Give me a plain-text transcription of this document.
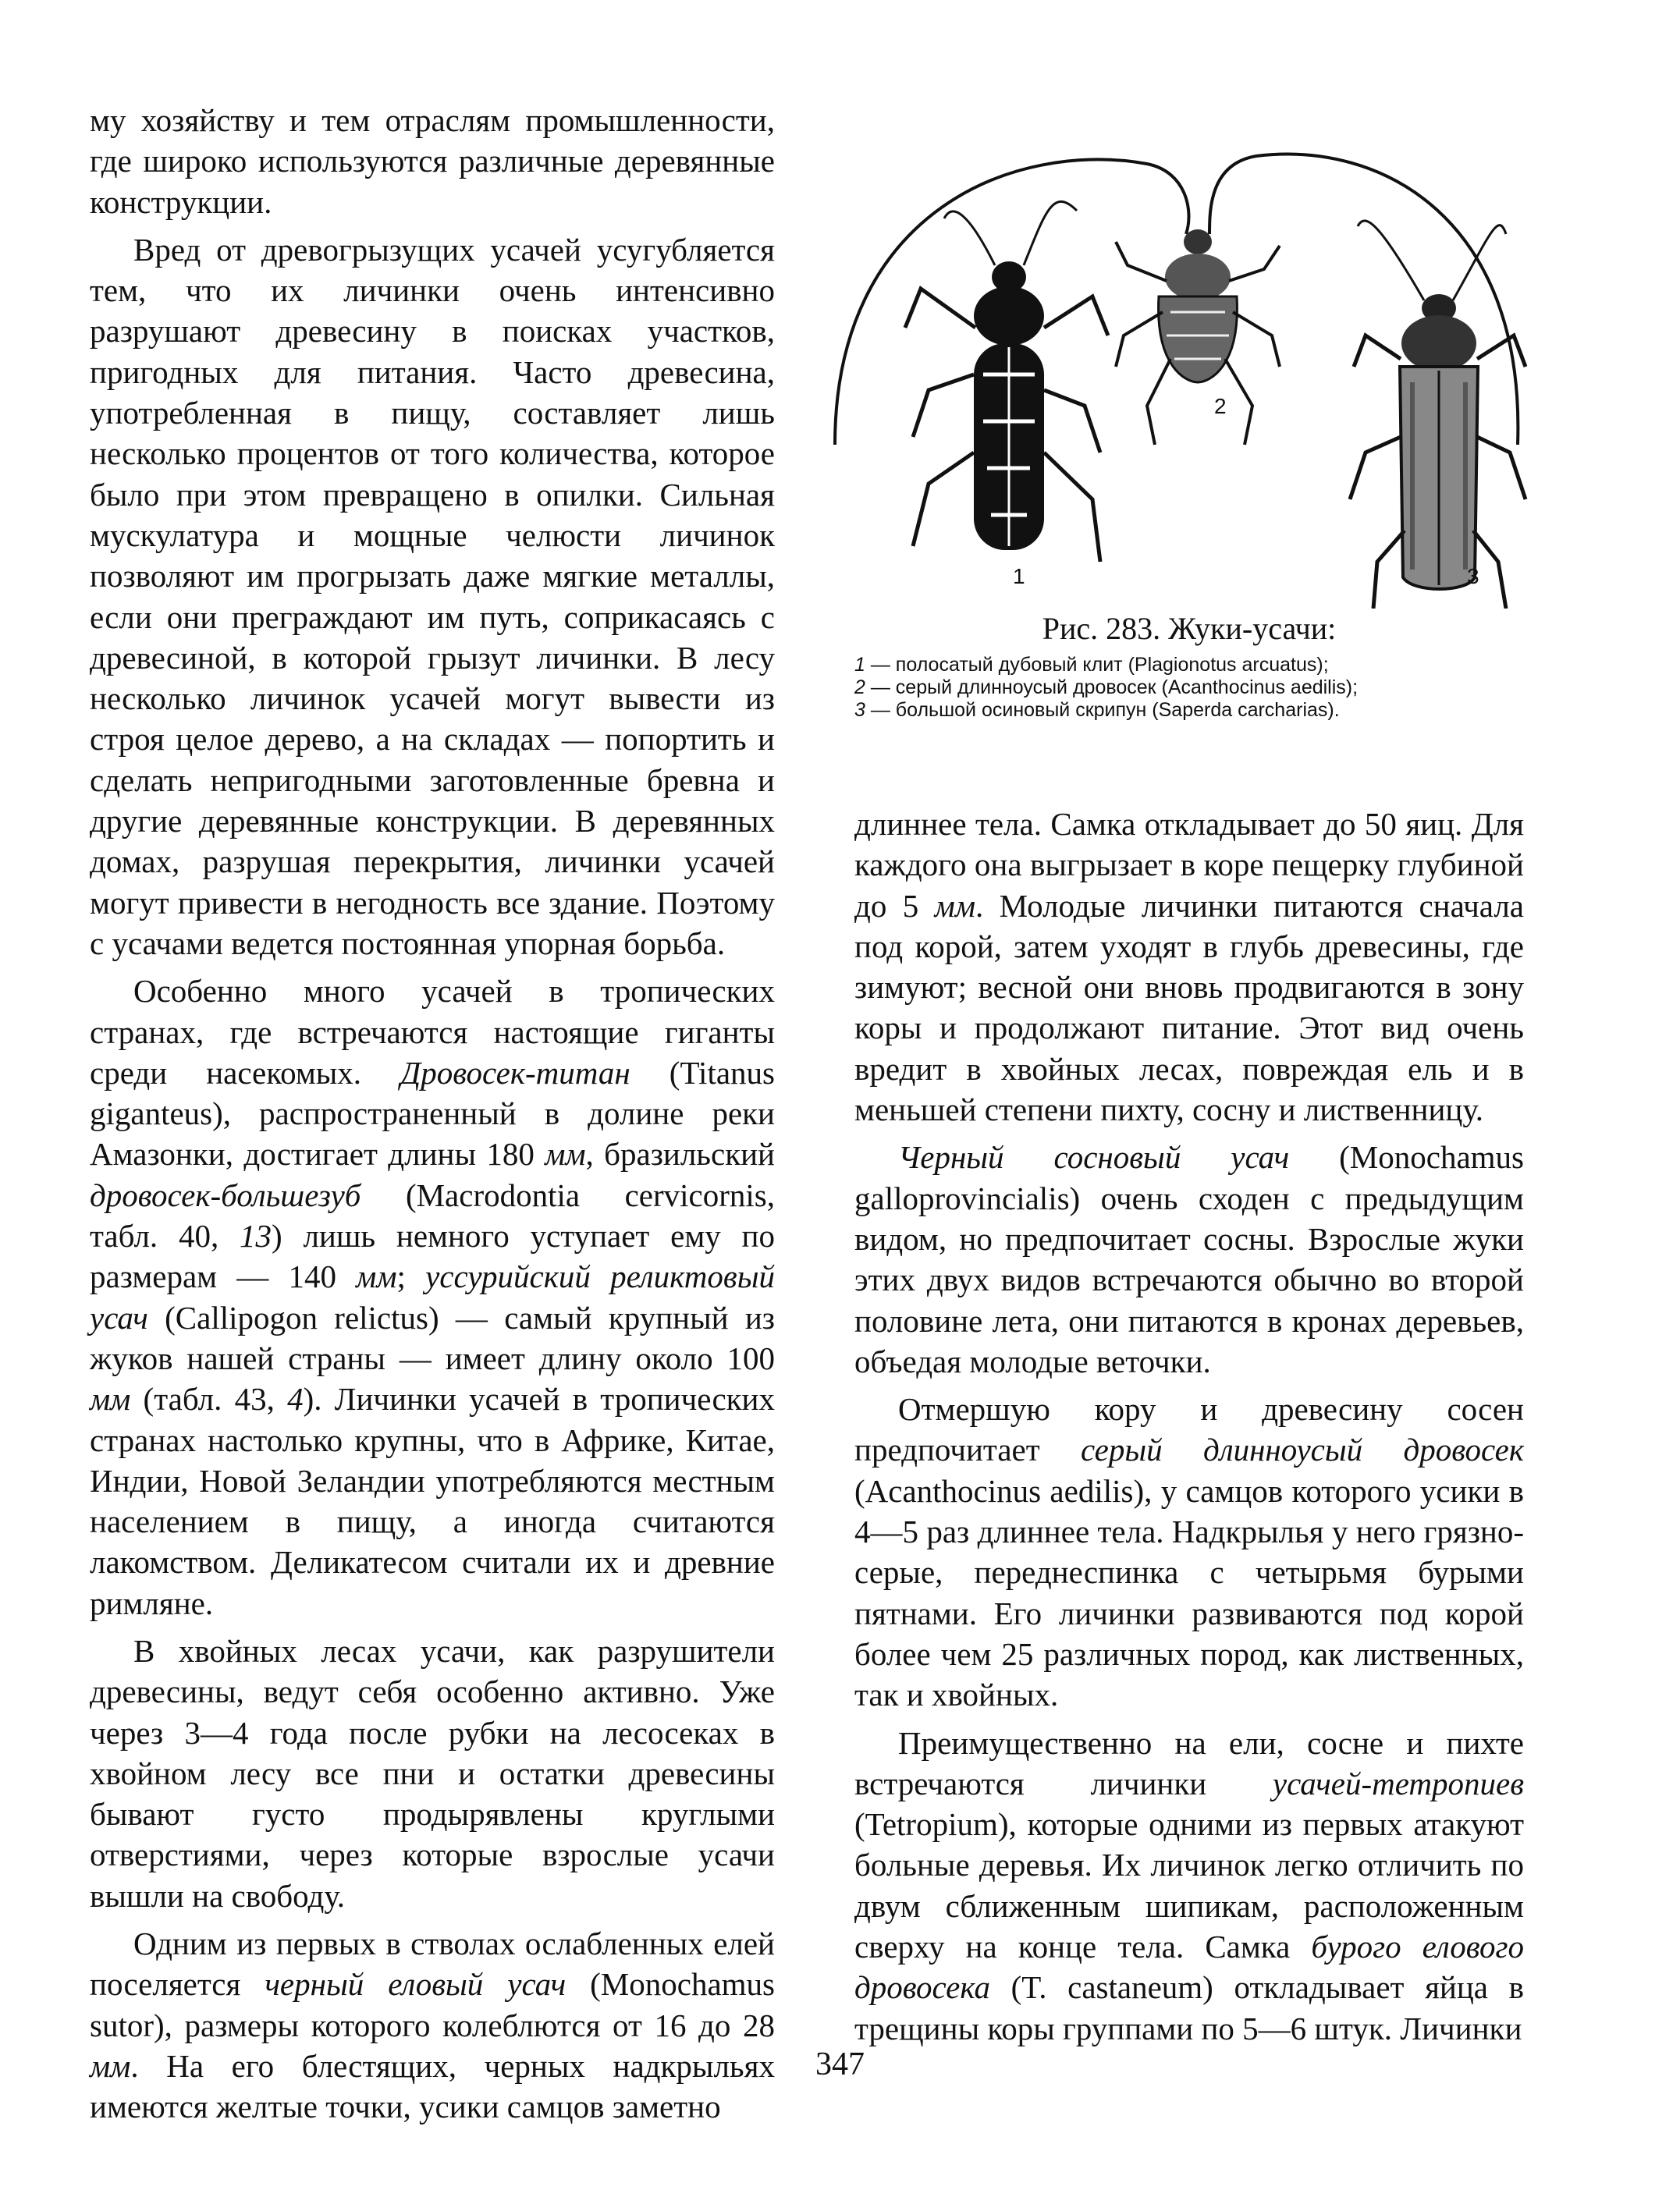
му хозяйству и тем отраслям промышленности, где широко используются различные деревянные конструкции.

Вред от древогрызущих усачей усугубляется тем, что их личинки очень интенсивно разрушают древесину в поисках участков, пригодных для питания. Часто древесина, употребленная в пищу, составляет лишь несколько процентов от того количества, которое было при этом превращено в опилки. Сильная мускулатура и мощные челюсти личинок позволяют им прогрызать даже мягкие металлы, если они преграждают им путь, соприкасаясь с древесиной, в которой грызут личинки. В лесу несколько личинок усачей могут вывести из строя целое дерево, а на складах — попортить и сделать непригодными заготовленные бревна и другие деревянные конструкции. В деревянных домах, разрушая перекрытия, личинки усачей могут привести в негодность все здание. Поэтому с усачами ведется постоянная упорная борьба.

Особенно много усачей в тропических странах, где встречаются настоящие гиганты среди насекомых. Дровосек-титан (Titanus giganteus), распространенный в долине реки Амазонки, достигает длины 180 мм, бразильский дровосек-большезуб (Macrodontia cervicornis, табл. 40, 13) лишь немного уступает ему по размерам — 140 мм; уссурийский реликтовый усач (Callipogon relictus) — самый крупный из жуков нашей страны — имеет длину около 100 мм (табл. 43, 4). Личинки усачей в тропических странах настолько крупны, что в Африке, Китае, Индии, Новой Зеландии употребляются местным населением в пищу, а иногда считаются лакомством. Деликатесом считали их и древние римляне.

В хвойных лесах усачи, как разрушители древесины, ведут себя особенно активно. Уже через 3—4 года после рубки на лесосеках в хвойном лесу все пни и остатки древесины бывают густо продырявлены круглыми отверстиями, через которые взрослые усачи вышли на свободу.

Одним из первых в стволах ослабленных елей поселяется черный еловый усач (Monochamus sutor), размеры которого колеблются от 16 до 28 мм. На его блестящих, черных надкрыльях имеются желтые точки, усики самцов заметно

1
2
3
Рис. 283. Жуки-усачи:
1 — полосатый дубовый клит (Plagionotus arcuatus);
2 — серый длинноусый дровосек (Acanthocinus aedilis);
3 — большой осиновый скрипун (Saperda carcharias).

длиннее тела. Самка откладывает до 50 яиц. Для каждого она выгрызает в коре пещерку глубиной до 5 мм. Молодые личинки питаются сначала под корой, затем уходят в глубь древесины, где зимуют; весной они вновь продвигаются в зону коры и продолжают питание. Этот вид очень вредит в хвойных лесах, повреждая ель и в меньшей степени пихту, сосну и лиственницу.

Черный сосновый усач (Monochamus galloprovincialis) очень сходен с предыдущим видом, но предпочитает сосны. Взрослые жуки этих двух видов встречаются обычно во второй половине лета, они питаются в кронах деревьев, объедая молодые веточки.

Отмершую кору и древесину сосен предпочитает серый длинноусый дровосек (Acanthocinus aedilis), у самцов которого усики в 4—5 раз длиннее тела. Надкрылья у него грязно-серые, переднеспинка с четырьмя бурыми пятнами. Его личинки развиваются под корой более чем 25 различных пород, как лиственных, так и хвойных.

Преимущественно на ели, сосне и пихте встречаются личинки усачей-тетропиев (Tetropium), которые одними из первых атакуют больные деревья. Их личинок легко отличить по двум сближенным шипикам, расположенным сверху на конце тела. Самка бурого елового дровосека (T. castaneum) откладывает яйца в трещины коры группами по 5—6 штук. Личинки

347
